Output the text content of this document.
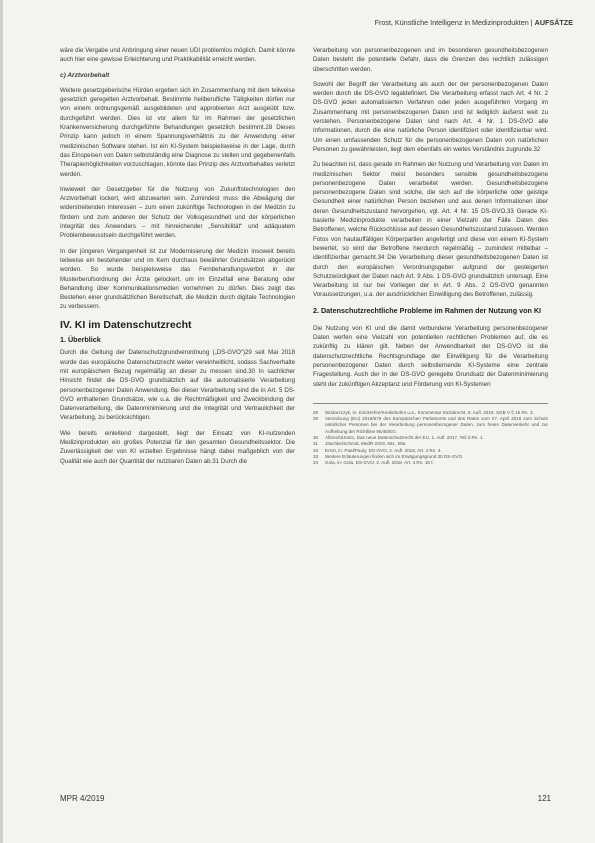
Frost, Künstliche Intelligenz in Medizinprodukten | AUFSÄTZE

wäre die Vergabe und Anbringung einer neuen UDI problemlos möglich. Damit könnte auch hier eine gewisse Erleichterung und Praktikabilität erreicht werden.

c) Arztvorbehalt

Weitere gesetzgeberische Hürden ergeben sich im Zusammenhang mit dem teilweise gesetzlich geregelten Arztvorbehalt. Bestimmte heilberufliche Tätigkeiten dürfen nur von einem ordnungsgemäß ausgebildeten und approbierten Arzt ausgeübt bzw. durchgeführt werden. Dies ist vor allem für im Rahmen der gesetzlichen Krankenversicherung durchgeführte Behandlungen gesetzlich bestimmt.28 Dieses Prinzip kann jedoch in einem Spannungsverhältnis zu der Anwendung einer medizinischen Software stehen. Ist ein KI-System beispielsweise in der Lage, durch das Einspeisen von Daten selbstständig eine Diagnose zu stellen und gegebenenfalls Therapiemöglichkeiten vorzuschlagen, könnte das Prinzip des Arztvorbehaltes verletzt werden.

Inwieweit der Gesetzgeber für die Nutzung von Zukunftstechnologien den Arztvorbehalt lockert, wird abzuwarten sein. Zumindest muss die Abwägung der widerstreitenden Interessen – zum einen zukünftige Technologien in der Medizin zu fördern und zum anderen der Schutz der Volksgesundheit und der körperlichen Integrität des Anwenders – mit hinreichender „Sensibilität“ und adäquatem Problembewusstsein durchgeführt werden.

In der jüngeren Vergangenheit ist zur Modernisierung der Medizin insoweit bereits teilweise ein bestehender und im Kern durchaus bewährter Grundsätzen abgerückt worden. So wurde beispielsweise das Fernbehandlungsverbot in der Musterberufsordnung der Ärzte gelockert, um im Einzelfall eine Beratung oder Behandlung über Kommunikationsmedien vornehmen zu dürfen. Dies zeigt das Bestehen einer grundsätzlichen Bereitschaft, die Medizin durch digitale Technologien zu verbessern.

IV. KI im Datenschutzrecht
1. Überblick

Durch die Geltung der Datenschutzgrundverordnung („DS-GVO“)29 seit Mai 2018 wurde das europäische Datenschutzrecht weiter vereinheitlicht, sodass Sachverhalte mit europäischem Bezug regelmäßig an dieser zu messen sind.30 In sachlicher Hinsicht findet die DS-GVO grundsätzlich auf die automatisierte Verarbeitung personenbezogener Daten Anwendung. Bei dieser Verarbeitung sind die in Art. 5 DS-GVO enthaltenen Grundsätze, wie u.a. die Rechtmäßigkeit und Zweckbindung der Datenverarbeitung, die Datenminimierung und die Integrität und Vertraulichkeit der Verarbeitung, zu berücksichtigen.

Wie bereits einleitend dargestellt, liegt der Einsatz von KI-nutzenden Medizinprodukten ein großes Potenzial für den gesamten Gesundheitssektor. Die Zuverlässigkeit der von KI erzielten Ergebnisse hängt dabei maßgeblich von der Qualität wie auch der Quantität der nutzbaren Daten ab.31 Durch die

Verarbeitung von personenbezogenen und im besonderen gesundheitsbezogenen Daten besteht die potentielle Gefahr, dass die Grenzen des rechtlich zulässigen überschritten werden.

Sowohl der Begriff der Verarbeitung als auch der der personenbezogenen Daten werden durch die DS-GVO legaldefiniert. Die Verarbeitung erfasst nach Art. 4 Nr. 2 DS-GVO jeden automatisierten Verfahren oder jeden ausgeführten Vorgang im Zusammenhang mit personenbezogenen Daten und ist lediglich äußerst weit zu verstehen. Personenbezogene Daten sind nach Art. 4 Nr. 1 DS-GVO alle Informationen, durch die eine natürliche Person identifiziert oder identifizierbar wird. Um einen umfassenden Schutz für die personenbezogenen Daten von natürlichen Personen zu gewährleisten, liegt dem ebenfalls ein weites Verständnis zugrunde.32

Zu beachten ist, dass gerade im Rahmen der Nutzung und Verarbeitung von Daten im medizinischen Sektor meist besonders sensible gesundheitsbezogene personenbezogene Daten verarbeitet werden. Gesundheitsbezogene personenbezogene Daten sind solche, die sich auf die körperliche oder geistige Gesundheit einer natürlichen Person beziehen und aus denen Informationen über deren Gesundheitszustand hervorgehen, vgl. Art. 4 Nr. 15 DS-GVO.33 Gerade KI-basierte Medizinprodukte verarbeiten in einer Vielzahl der Fälle Daten des Betroffenen, welche Rückschlüsse auf dessen Gesundheitszustand zulassen. Werden Fotos von hautauffälligen Körperpartien angefertigt und diese von einem KI-System bewertet, so wird der Betroffene hierdurch regelmäßig – zumindest mittelbar – identifizierbar gemacht.34 Die Verarbeitung dieser gesundheitsbezogenen Daten ist durch den europäischen Verordnungsgeber aufgrund der gesteigerten Schutzwürdigkeit der Daten nach Art. 9 Abs. 1 DS-GVO grundsätzlich untersagt. Eine Verarbeitung ist nur bei Vorliegen der in Art. 9 Abs. 2 DS-GVO genannten Voraussetzungen, u.a. der ausdrücklichen Einwilligung des Betroffenen, zulässig.

2. Datenschutzrechtliche Probleme im Rahmen der Nutzung von KI

Die Nutzung von KI und die damit verbundene Verarbeitung personenbezogener Daten werfen eine Vielzahl von potentiellen rechtlichen Problemen auf, die es zukünftig zu klären gilt. Neben der Anwendbarkeit der DS-GVO ist die datenschutzrechtliche Rechtsgrundlage der Einwilligung für die Verarbeitung personenbezogener Daten durch selbstlernende KI-Systeme eine zentrale Fragestellung. Auch der in der DS-GVO geregelte Grundsatz der Datenminimierung steht der zukünftigen Akzeptanz und Förderung von KI-Systemen

28	Wodarzczyk, in: Knickrehm/Kreikebohm u.a., Kommentar Sozialrecht, 6. Aufl. 2019, SGB V § 15 Rn. 3.
29	Verordnung (EU) 2016/679 des Europäischen Parlaments und des Rates vom 27. April 2016 zum Schutz natürlicher Personen bei der Verarbeitung personenbezogener Daten, zum freien Datenverkehr und zur Aufhebung der Richtlinie 95/46/EG.
30	Albrecht/Jotzo, Das neue Datenschutzrecht der EU, 1. Aufl. 2017, Teil 3 Rn. 1.
31	Jäschke/Schmid, MedR 2019, 651, 656.
32	Ernst, in: Paal/Pauly, DS-GVO, 2. Aufl. 2018, Art. 4 Rn. 3.
33	Weitere Erläuterungen finden sich im Erwägungsgrund 35 DS-GVO.
34	Gola, in: Gola, DS-GVO, 2. Aufl. 2018, Art. 4 Rn. 16 f.
MPR 4/2019	121
